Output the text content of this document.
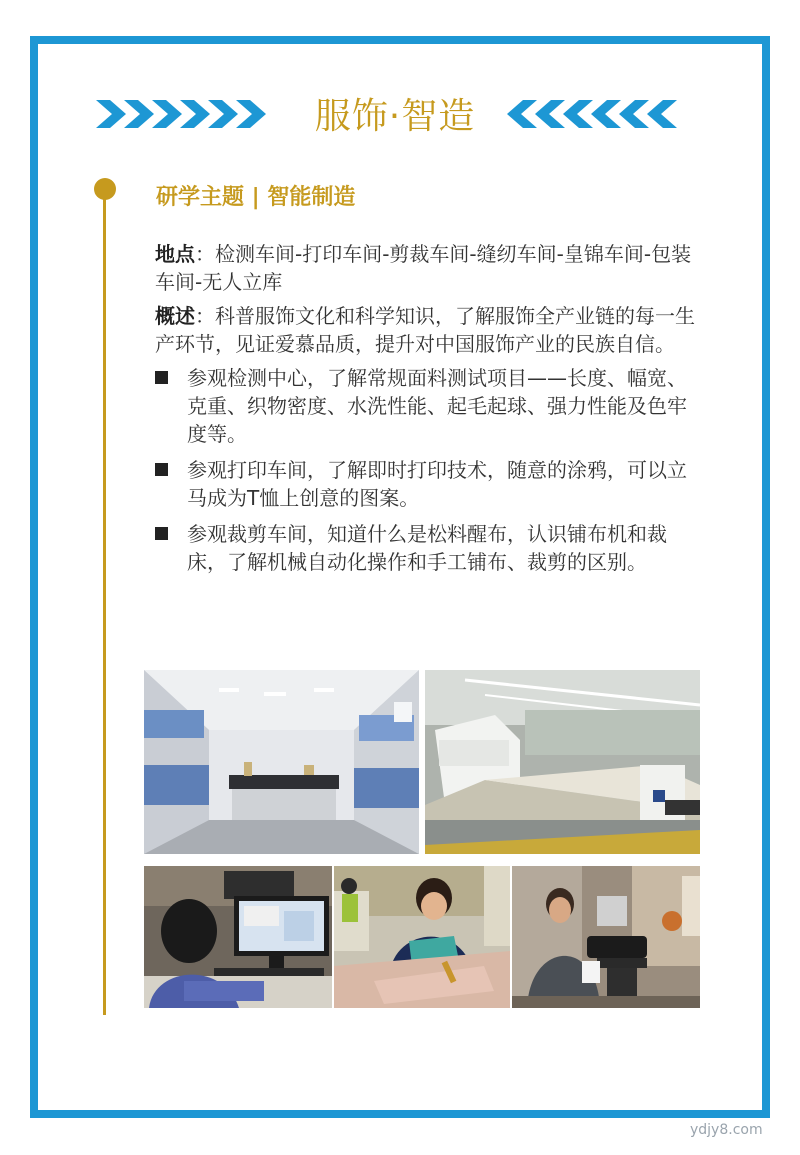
服饰·智造
研学主题 | 智能制造

地点：检测车间-打印车间-剪裁车间-缝纫车间-皇锦车间-包装车间-无人立库

概述：科普服饰文化和科学知识，了解服饰全产业链的每一生产环节，见证爱慕品质，提升对中国服饰产业的民族自信。

参观检测中心，了解常规面料测试项目——长度、幅宽、克重、织物密度、水洗性能、起毛起球、强力性能及色牢度等。
参观打印车间，了解即时打印技术，随意的涂鸦，可以立马成为T恤上创意的图案。
参观裁剪车间，知道什么是松料醒布，认识铺布机和裁床，了解机械自动化操作和手工铺布、裁剪的区别。
ydjy8.com
